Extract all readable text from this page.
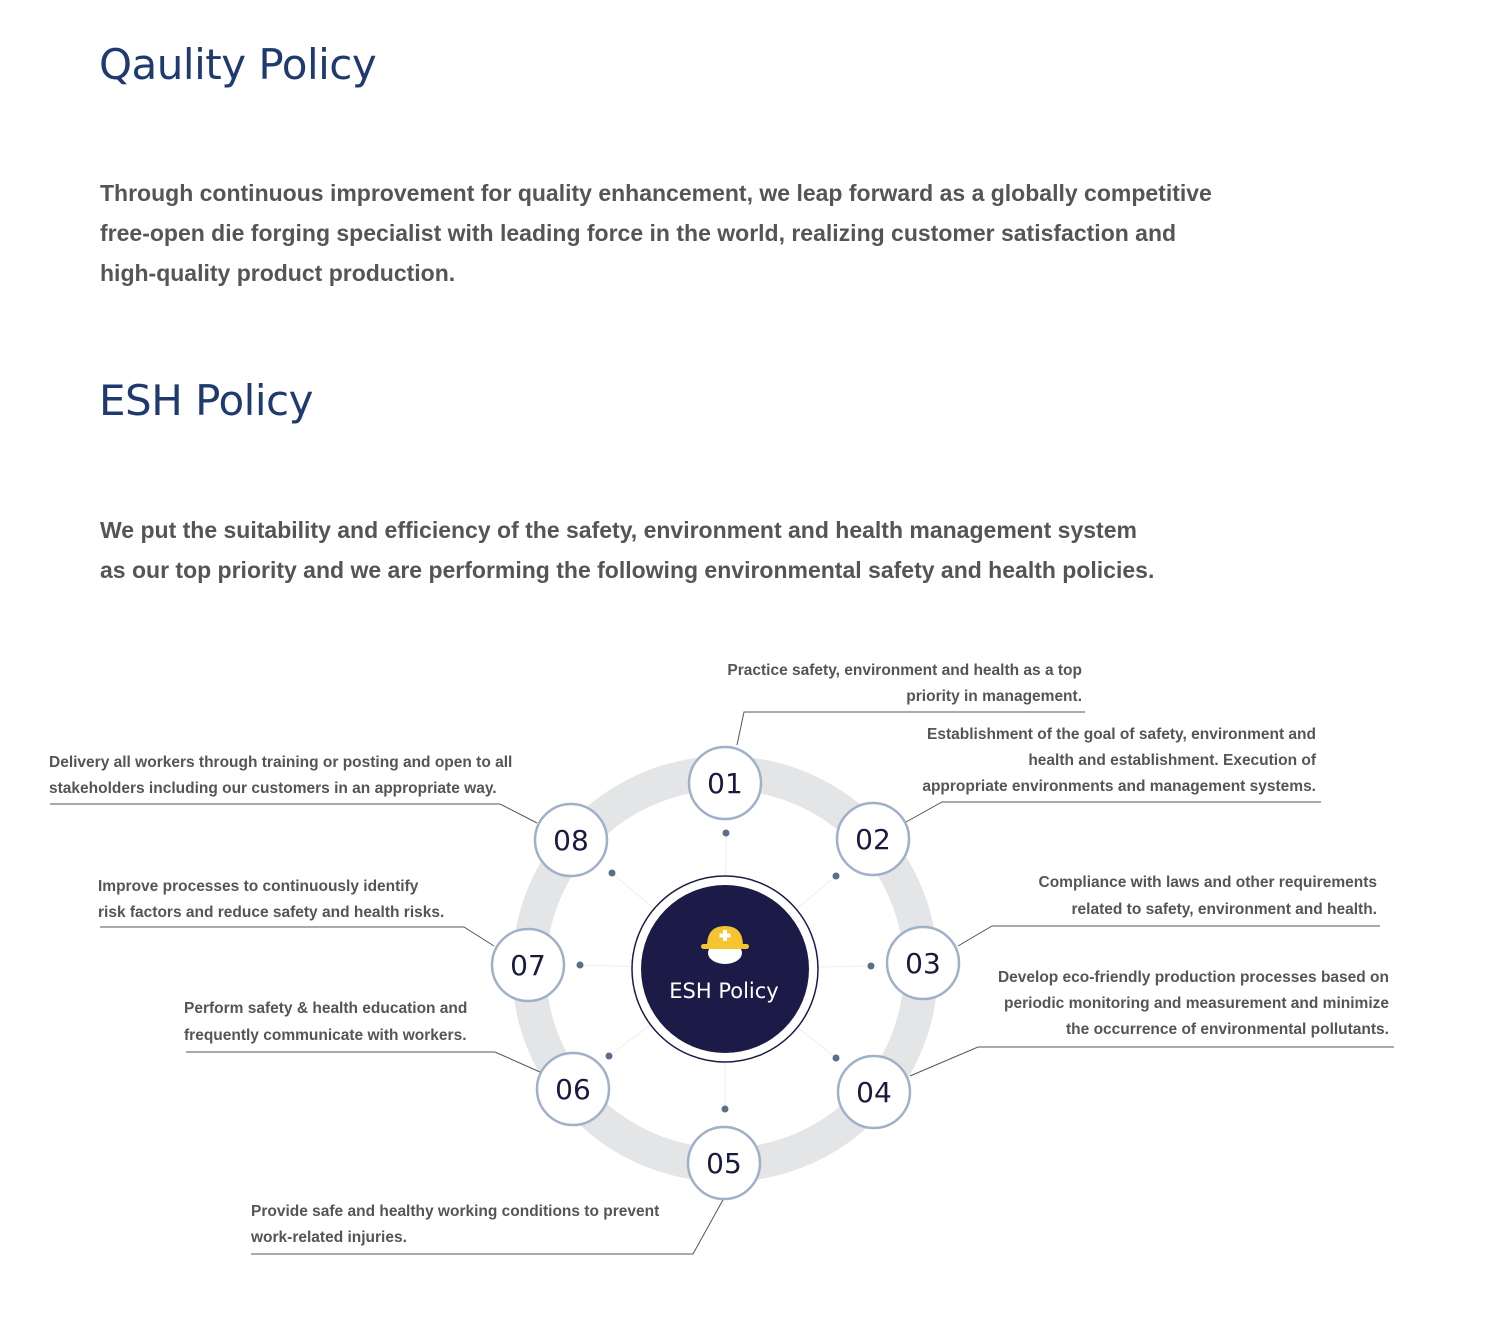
Qaulity Policy

Through continuous improvement for quality enhancement, we leap forward as a globally competitive
free-open die forging specialist with leading force in the world, realizing customer satisfaction and
high-quality product production.

ESH Policy

We put the suitability and efficiency of the safety, environment and health management system
as our top priority and we are performing the following environmental safety and health policies.

ESH Policy
01
02
03
04
05
06
07
08
Practice safety, environment and health as a top priority in management.
Establishment of the goal of safety, environment and health and establishment. Execution of appropriate environments and management systems.
Compliance with laws and other requirements related to safety, environment and health.
Develop eco-friendly production processes based on periodic monitoring and measurement and minimize the occurrence of environmental pollutants.
Provide safe and healthy working conditions to prevent work-related injuries.
Perform safety & health education and frequently communicate with workers.
Improve processes to continuously identify risk factors and reduce safety and health risks.
Delivery all workers through training or posting and open to all stakeholders including our customers in an appropriate way.
